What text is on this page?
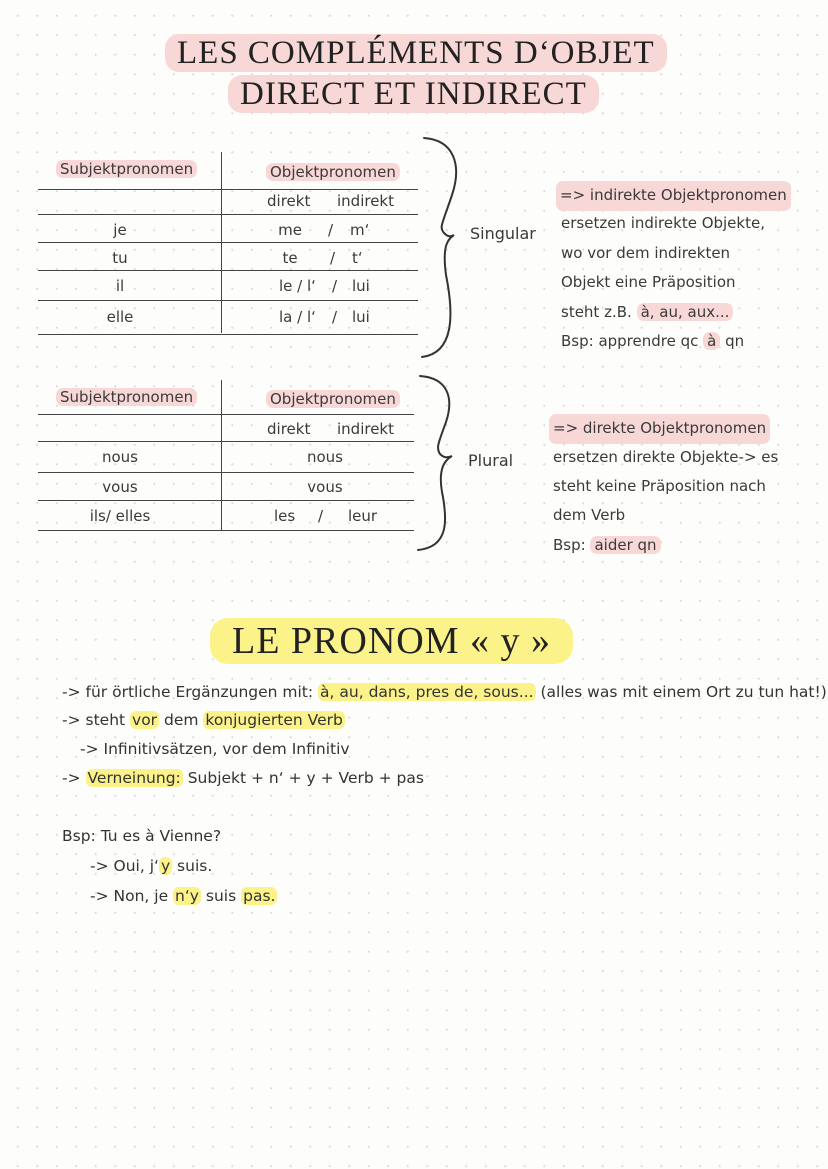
LES COMPLÉMENTS D‘OBJET
DIRECT ET INDIRECT
Subjektpronomen	Objektpronomen
direkt indirekt
je	me	/ m‘
tu	te	/ t‘
il	le / l‘ / lui
elle	la / l‘ / lui
Singular
=> indirekte Objektpronomen
ersetzen indirekte Objekte,
wo vor dem indirekten
Objekt eine Präposition
steht z.B. à, au, aux...
Bsp: apprendre qc à qn
Subjektpronomen	Objektpronomen
direkt indirekt
nous	nous
vous	vous
ils/ elles	les / leur
Plural
=> direkte Objektpronomen
ersetzen direkte Objekte-> es
steht keine Präposition nach
dem Verb
Bsp: aider qn
LE PRONOM « y »
-> für örtliche Ergänzungen mit: à, au, dans, pres de, sous... (alles was mit einem Ort zu tun hat!)
-> steht vor dem konjugierten Verb
-> Infinitivsätzen, vor dem Infinitiv
-> Verneinung: Subjekt + n‘ + y + Verb + pas
Bsp: Tu es à Vienne?
-> Oui, j‘ y suis.
-> Non, je n‘y suis pas.
